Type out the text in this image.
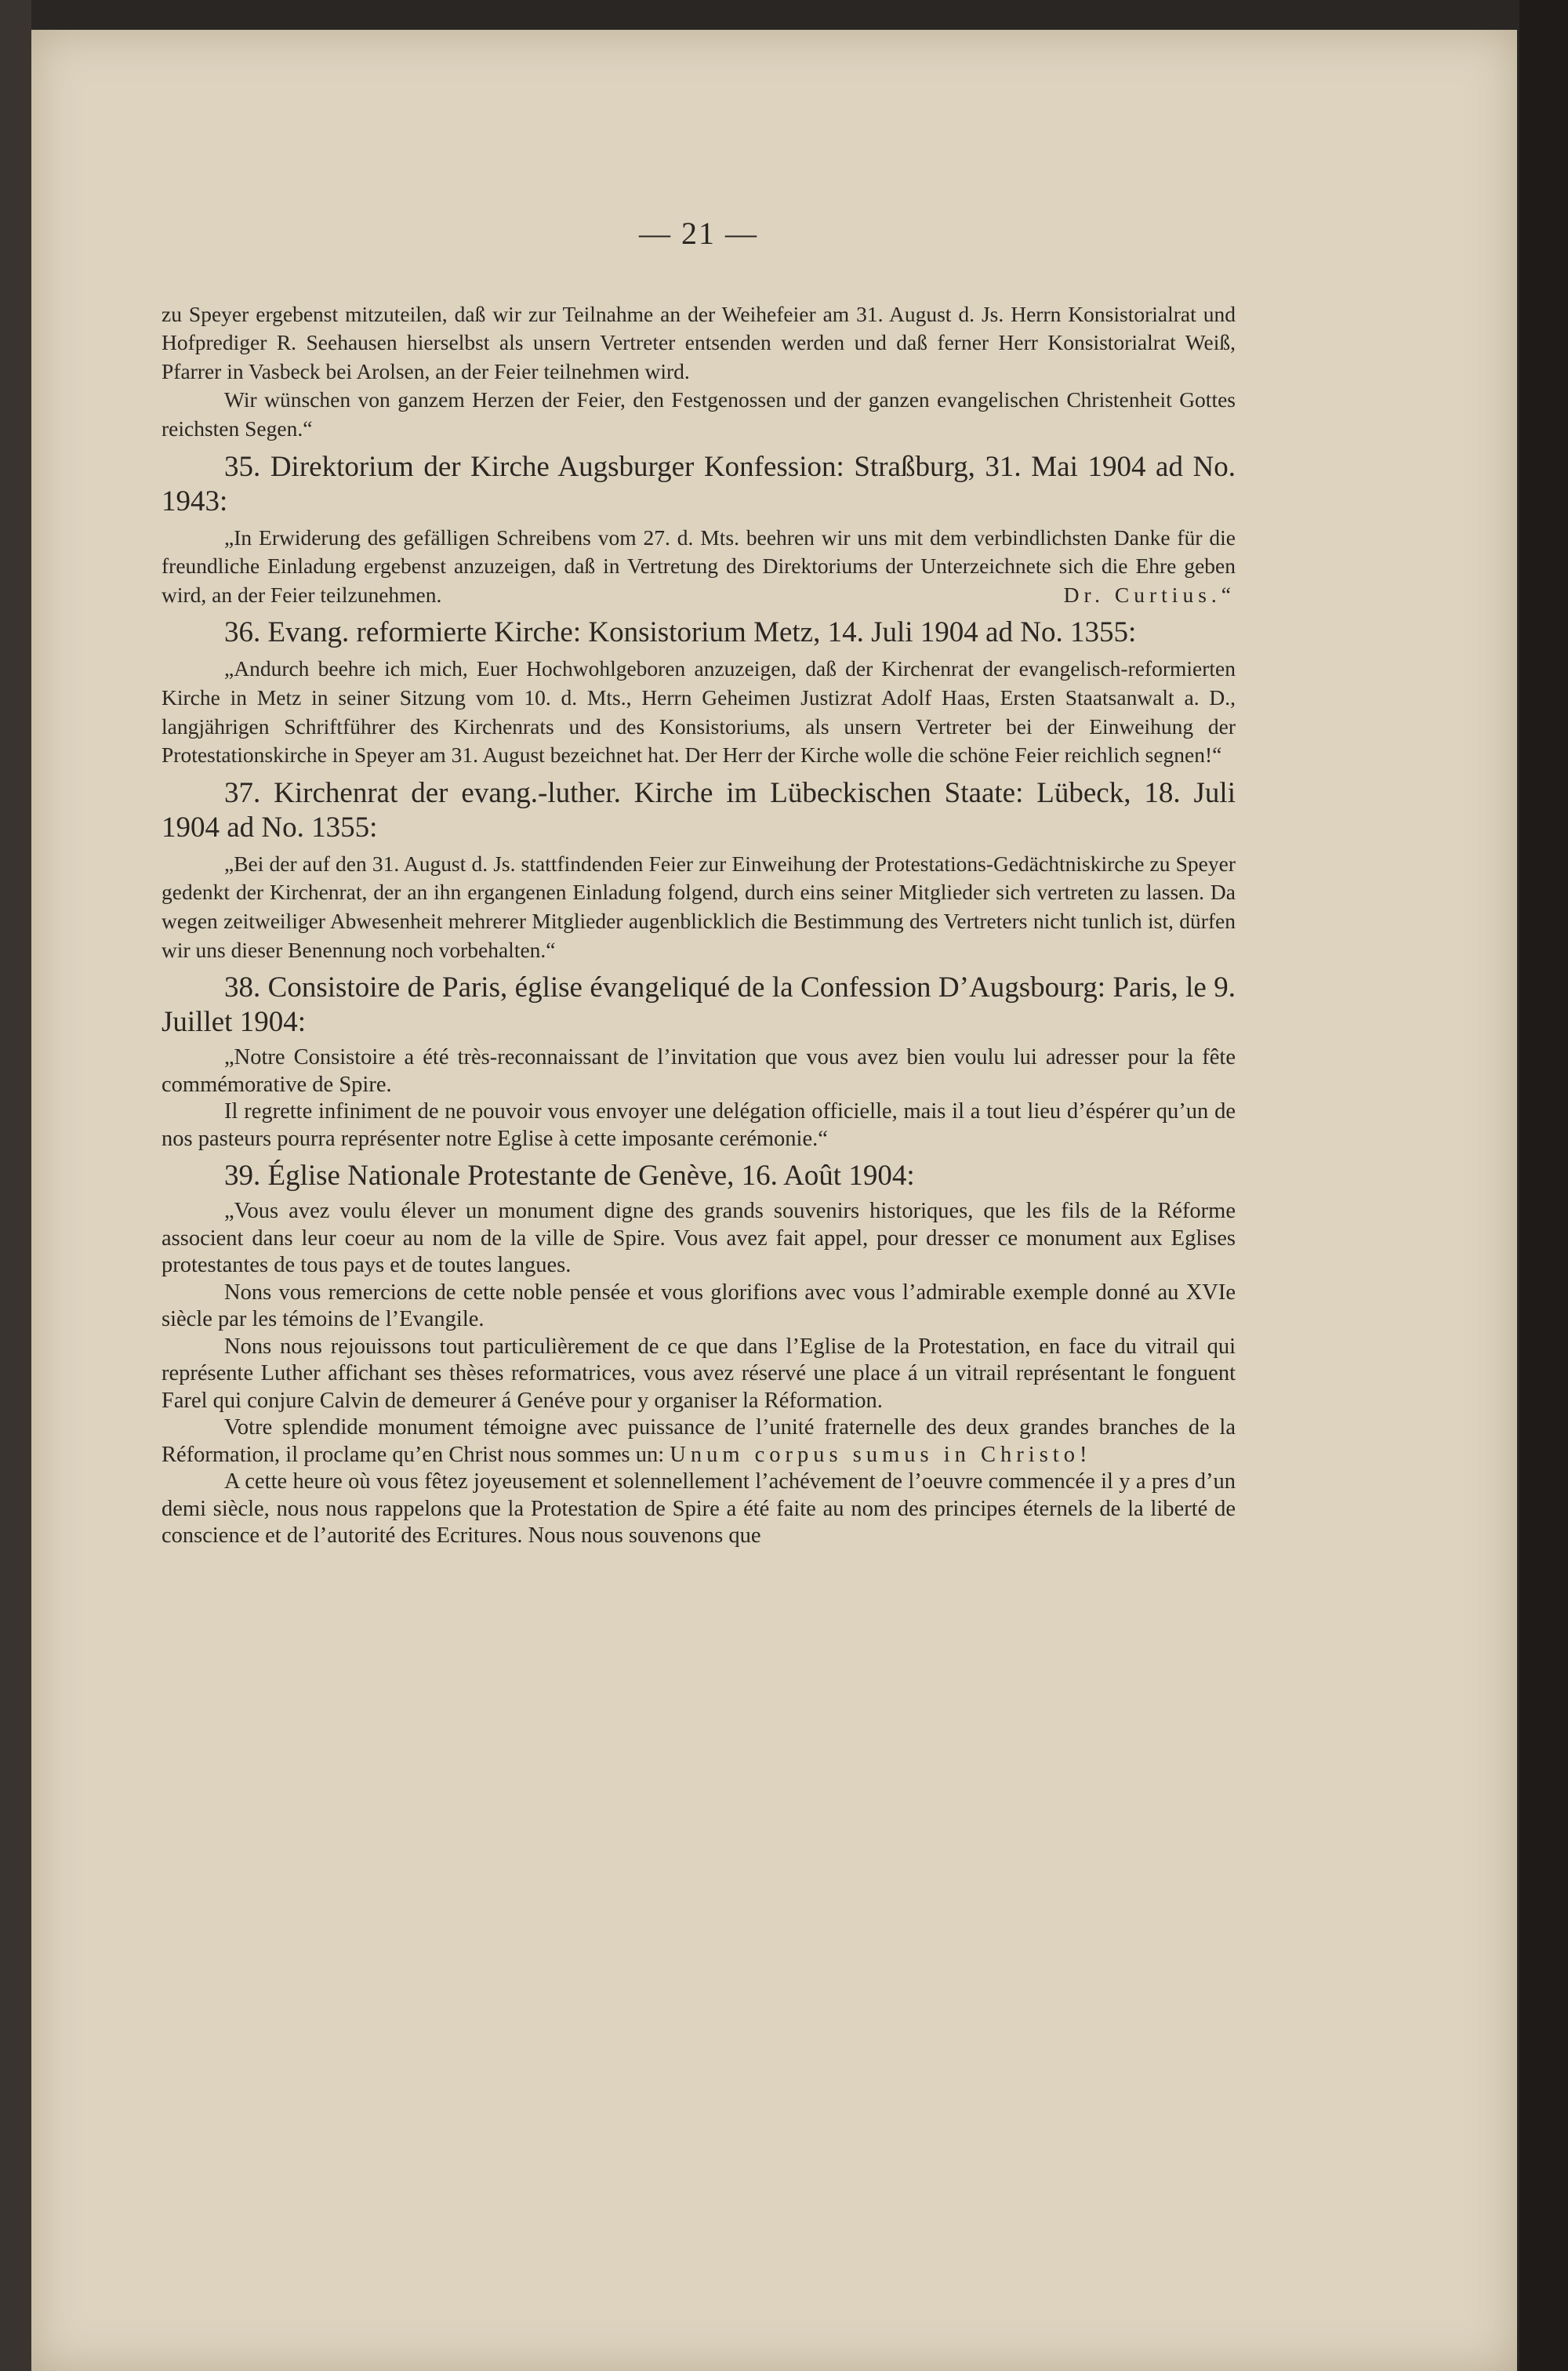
— 21 —

zu Speyer ergebenst mitzuteilen, daß wir zur Teilnahme an der Weihefeier am 31. August d. Js. Herrn Konsistorialrat und Hofprediger R. Seehausen hierselbst als unsern Vertreter entsenden werden und daß ferner Herr Konsistorialrat Weiß, Pfarrer in Vasbeck bei Arolsen, an der Feier teilnehmen wird.

Wir wünschen von ganzem Herzen der Feier, den Festgenossen und der ganzen evangelischen Christenheit Gottes reichsten Segen.“

35. Direktorium der Kirche Augsburger Konfession: Straßburg, 31. Mai 1904 ad No. 1943:

„In Erwiderung des gefälligen Schreibens vom 27. d. Mts. beehren wir uns mit dem verbindlichsten Danke für die freundliche Einladung ergebenst anzuzeigen, daß in Vertretung des Direktoriums der Unterzeichnete sich die Ehre geben wird, an der Feier teilzunehmen.	Dr. Curtius.“

36. Evang. reformierte Kirche: Konsistorium Metz, 14. Juli 1904 ad No. 1355:

„Andurch beehre ich mich, Euer Hochwohlgeboren anzuzeigen, daß der Kirchenrat der evangelisch-reformierten Kirche in Metz in seiner Sitzung vom 10. d. Mts., Herrn Geheimen Justizrat Adolf Haas, Ersten Staatsanwalt a. D., langjährigen Schriftführer des Kirchenrats und des Konsistoriums, als unsern Vertreter bei der Einweihung der Protestationskirche in Speyer am 31. August bezeichnet hat. Der Herr der Kirche wolle die schöne Feier reichlich segnen!“

37. Kirchenrat der evang.-luther. Kirche im Lübeckischen Staate: Lübeck, 18. Juli 1904 ad No. 1355:

„Bei der auf den 31. August d. Js. stattfindenden Feier zur Einweihung der Protestations-Gedächtniskirche zu Speyer gedenkt der Kirchenrat, der an ihn ergangenen Einladung folgend, durch eins seiner Mitglieder sich vertreten zu lassen. Da wegen zeitweiliger Abwesenheit mehrerer Mitglieder augenblicklich die Bestimmung des Vertreters nicht tunlich ist, dürfen wir uns dieser Benennung noch vorbehalten.“

38. Consistoire de Paris, église évangeliqué de la Confession D’Augsbourg: Paris, le 9. Juillet 1904:

„Notre Consistoire a été très-reconnaissant de l’invitation que vous avez bien voulu lui adresser pour la fête commémorative de Spire.

Il regrette infiniment de ne pouvoir vous envoyer une delégation officielle, mais il a tout lieu d’éspérer qu’un de nos pasteurs pourra représenter notre Eglise à cette imposante cerémonie.“

39. Église Nationale Protestante de Genève, 16. Août 1904:

„Vous avez voulu élever un monument digne des grands souvenirs historiques, que les fils de la Réforme associent dans leur coeur au nom de la ville de Spire. Vous avez fait appel, pour dresser ce monument aux Eglises protestantes de tous pays et de toutes langues.

Nons vous remercions de cette noble pensée et vous glorifions avec vous l’admirable exemple donné au XVIe siècle par les témoins de l’Evangile.

Nons nous rejouissons tout particulièrement de ce que dans l’Eglise de la Protestation, en face du vitrail qui représente Luther affichant ses thèses reformatrices, vous avez réservé une place á un vitrail représentant le fonguent Farel qui conjure Calvin de demeurer á Genéve pour y organiser la Réformation.

Votre splendide monument témoigne avec puissance de l’unité fraternelle des deux grandes branches de la Réformation, il proclame qu’en Christ nous sommes un: Unum corpus sumus in Christo!

A cette heure où vous fêtez joyeusement et solennellement l’achévement de l’oeuvre commencée il y a pres d’un demi siècle, nous nous rappelons que la Protestation de Spire a été faite au nom des principes éternels de la liberté de conscience et de l’autorité des Ecritures. Nous nous souvenons que
